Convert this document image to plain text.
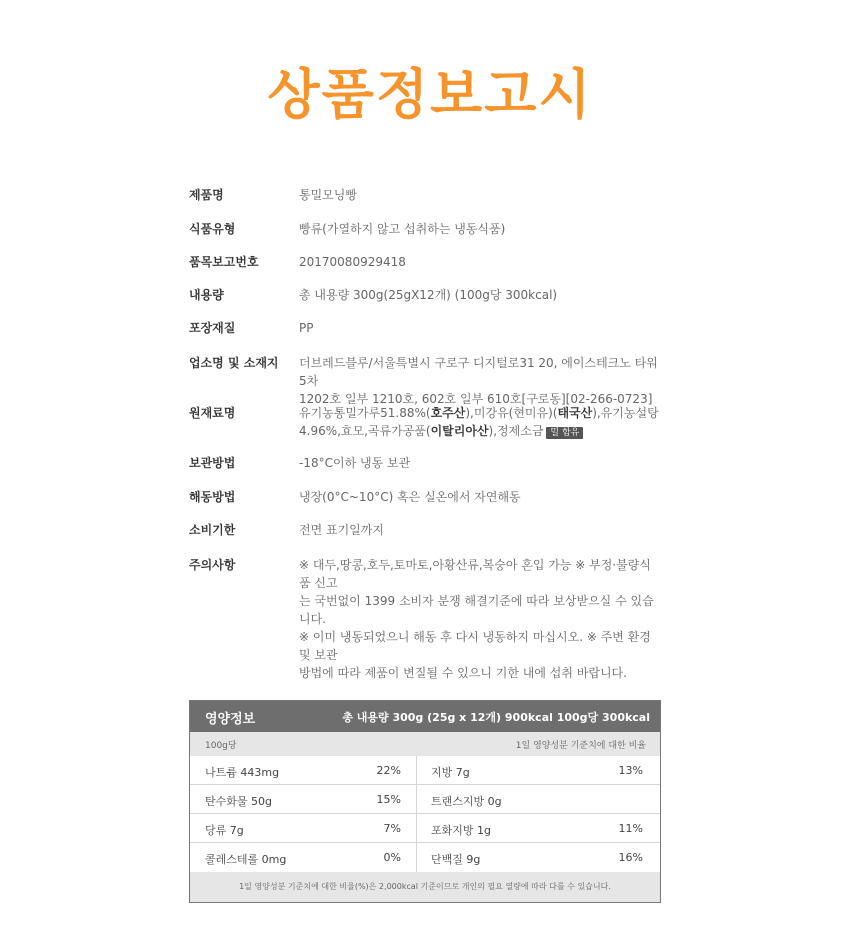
상품정보고시
제품명	통밀모닝빵
식품유형	빵류(가열하지 않고 섭취하는 냉동식품)
품목보고번호	20170080929418
내용량	총 내용량 300g(25gX12개) (100g당 300kcal)
포장재질	PP
업소명 및 소재지	더브레드블루/서울특별시 구로구 디지털로31 20, 에이스테크노 타워 5차
1202호 일부 1210호, 602호 일부 610호[구로동][02-266-0723]
원재료명	유기농통밀가루51.88%(호주산),미강유(현미유)(태국산),유기농설탕
4.96%,효모,곡류가공품(이탈리아산),정제소금 밀 함유
보관방법	-18°C이하 냉동 보관
해동방법	냉장(0°C~10°C) 혹은 실온에서 자연해동
소비기한	전면 표기일까지
주의사항	※ 대두,땅콩,호두,토마토,아황산류,복숭아 혼입 가능 ※ 부정·불량식품 신고
는 국번없이 1399 소비자 분쟁 해결기준에 따라 보상받으실 수 있습니다.
※ 이미 냉동되었으니 해동 후 다시 냉동하지 마십시오. ※ 주변 환경 및 보관
방법에 따라 제품이 변질될 수 있으니 기한 내에 섭취 바랍니다.
영양정보	총 내용량 300g (25g x 12개) 900kcal 100g당 300kcal
100g당	1일 영양성분 기준치에 대한 비율
나트륨 443mg	22%	지방 7g	13%
탄수화물 50g	15%	트랜스지방 0g
당류 7g	7%	포화지방 1g	11%
콜레스테롤 0mg	0%	단백질 9g	16%
1일 영양성분 기준치에 대한 비율(%)은 2,000kcal 기준이므로 개인의 필요 열량에 따라 다를 수 있습니다.
